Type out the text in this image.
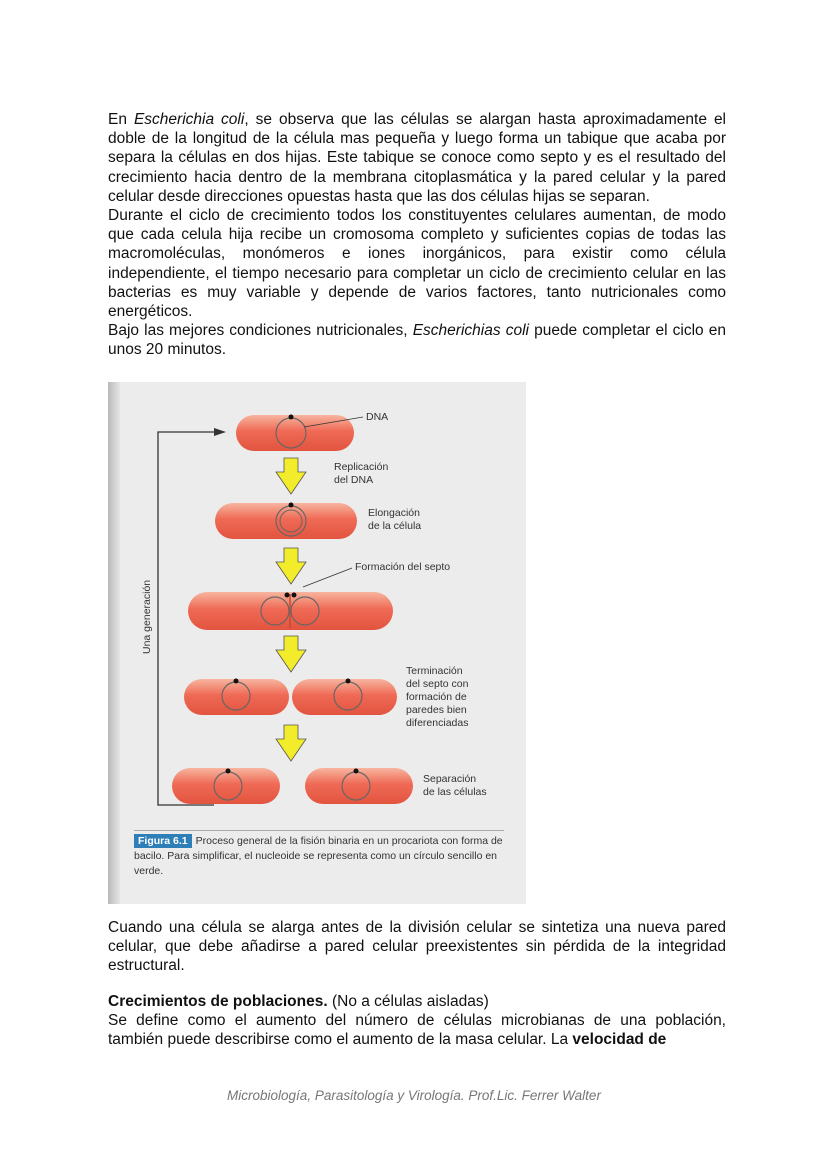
En Escherichia coli, se observa que las células se alargan hasta aproximadamente el doble de la longitud de la célula mas pequeña y luego forma un tabique que acaba por separa la células en dos hijas. Este tabique se conoce como septo y es el resultado del crecimiento hacia dentro de la membrana citoplasmática y la pared celular y la pared celular desde direcciones opuestas hasta que las dos células hijas se separan.

Durante el ciclo de crecimiento todos los constituyentes celulares aumentan, de modo que cada celula hija recibe un cromosoma completo y suficientes copias de todas las macromoléculas, monómeros e iones inorgánicos, para existir como célula independiente, el tiempo necesario para completar un ciclo de crecimiento celular en las bacterias es muy variable y depende de varios factores, tanto nutricionales como energéticos.

Bajo las mejores condiciones nutricionales, Escherichias coli puede completar el ciclo en unos 20 minutos.

Una generación
DNA
Replicación
del DNA
Elongación
de la célula
Formación del septo
Terminación
del septo con
formación de
paredes bien
diferenciadas
Separación
de las células
Figura 6.1 Proceso general de la fisión binaria en un procariota con forma de bacilo. Para simplificar, el nucleoide se representa como un círculo sencillo en verde.

Cuando una célula se alarga antes de la división celular se sintetiza una nueva pared celular, que debe añadirse a pared celular preexistentes sin pérdida de la integridad estructural.

Crecimientos de poblaciones. (No a células aisladas)

Se define como el aumento del número de células microbianas de una población, también puede describirse como el aumento de la masa celular. La velocidad de

Microbiología, Parasitología y Virología. Prof.Lic. Ferrer Walter
